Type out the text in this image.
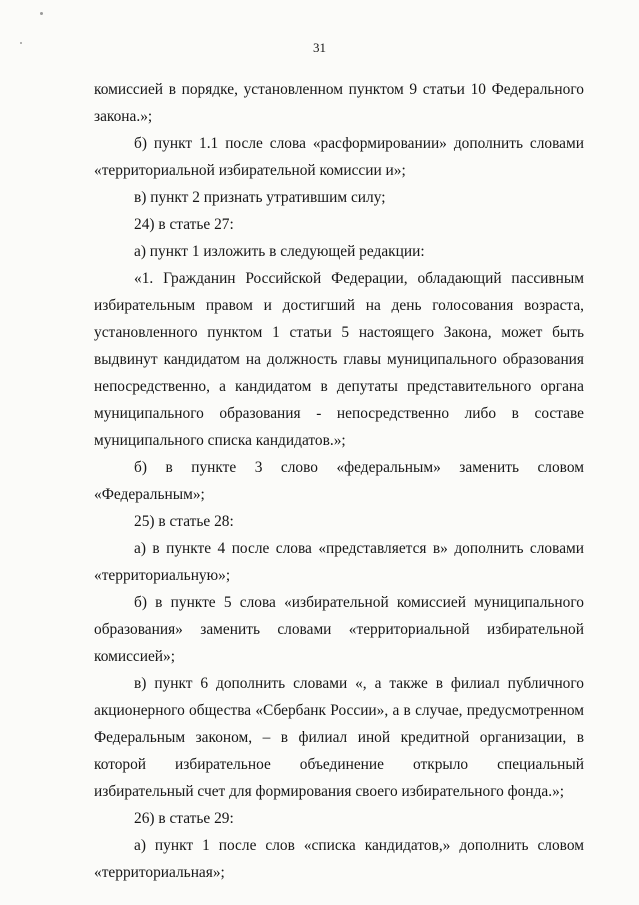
31

комиссией в порядке, установленном пунктом 9 статьи 10 Федерального закона.»;

б) пункт 1.1 после слова «расформировании» дополнить словами «территориальной избирательной комиссии и»;

в) пункт 2 признать утратившим силу;

24) в статье 27:

а) пункт 1 изложить в следующей редакции:

«1. Гражданин Российской Федерации, обладающий пассивным избирательным правом и достигший на день голосования возраста, установленного пунктом 1 статьи 5 настоящего Закона, может быть выдвинут кандидатом на должность главы муниципального образования непосредственно, а кандидатом в депутаты представительного органа муниципального образования - непосредственно либо в составе муниципального списка кандидатов.»;

б) в пункте 3 слово «федеральным» заменить словом «Федеральным»;

25) в статье 28:

а) в пункте 4 после слова «представляется в» дополнить словами «территориальную»;

б) в пункте 5 слова «избирательной комиссией муниципального образования» заменить словами «территориальной избирательной комиссией»;

в) пункт 6 дополнить словами «, а также в филиал публичного акционерного общества «Сбербанк России», а в случае, предусмотренном Федеральным законом, – в филиал иной кредитной организации, в которой избирательное объединение открыло специальный избирательный счет для формирования своего избирательного фонда.»;

26) в статье 29:

а) пункт 1 после слов «списка кандидатов,» дополнить словом «территориальная»;
